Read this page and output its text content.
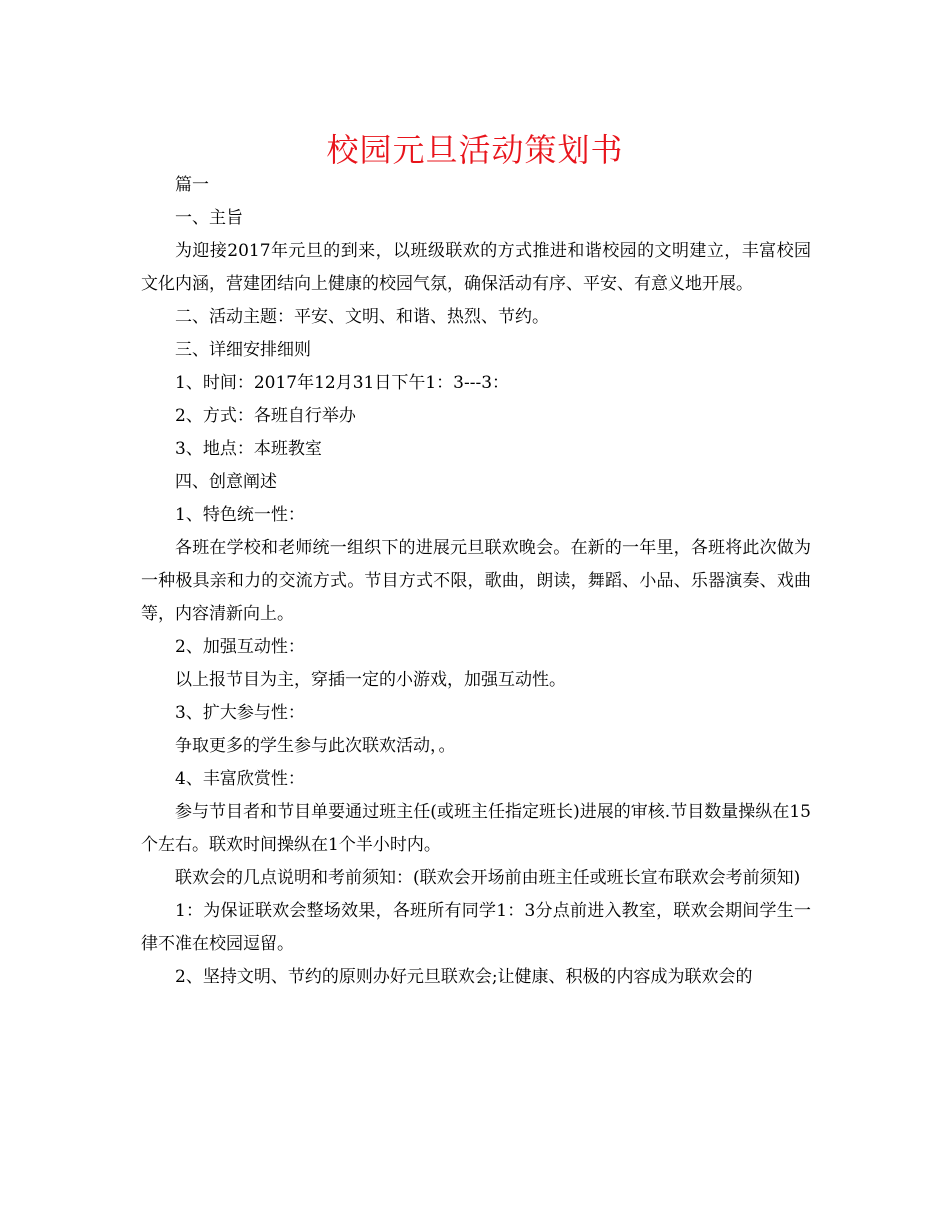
校园元旦活动策划书

篇一

一、主旨

为迎接2017年元旦的到来，以班级联欢的方式推进和谐校园的文明建立，丰富校园文化内涵，营建团结向上健康的校园气氛，确保活动有序、平安、有意义地开展。

二、活动主题：平安、文明、和谐、热烈、节约。

三、详细安排细则

1、时间：2017年12月31日下午1：3---3：

2、方式：各班自行举办

3、地点：本班教室

四、创意阐述

1、特色统一性：

各班在学校和老师统一组织下的进展元旦联欢晚会。在新的一年里，各班将此次做为一种极具亲和力的交流方式。节目方式不限，歌曲，朗读，舞蹈、小品、乐器演奏、戏曲等，内容清新向上。

2、加强互动性：

以上报节目为主，穿插一定的小游戏，加强互动性。

3、扩大参与性：

争取更多的学生参与此次联欢活动，。

4、丰富欣赏性：

参与节目者和节目单要通过班主任(或班主任指定班长)进展的审核.节目数量操纵在15个左右。联欢时间操纵在1个半小时内。

联欢会的几点说明和考前须知：(联欢会开场前由班主任或班长宣布联欢会考前须知)

1：为保证联欢会整场效果，各班所有同学1：3分点前进入教室，联欢会期间学生一律不准在校园逗留。

2、坚持文明、节约的原则办好元旦联欢会;让健康、积极的内容成为联欢会的
